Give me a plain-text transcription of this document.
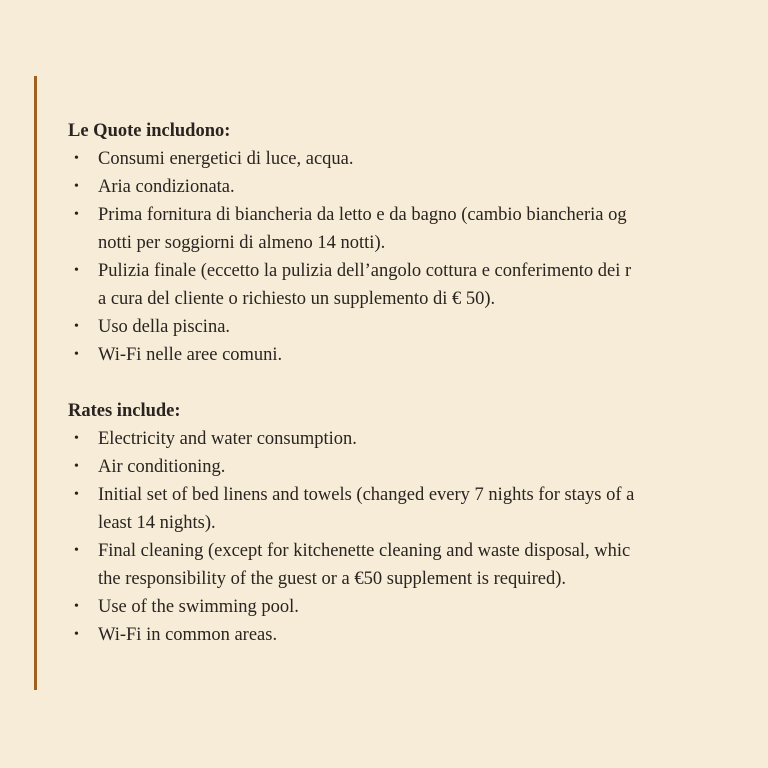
Le Quote includono:

• Consumi energetici di luce, acqua.
• Aria condizionata.
• Prima fornitura di biancheria da letto e da bagno (cambio biancheria og
notti per soggiorni di almeno 14 notti).
• Pulizia finale (eccetto la pulizia dell’angolo cottura e conferimento dei r
a cura del cliente o richiesto un supplemento di € 50).
• Uso della piscina.
• Wi-Fi nelle aree comuni.

Rates include:

• Electricity and water consumption.
• Air conditioning.
• Initial set of bed linens and towels (changed every 7 nights for stays of a
least 14 nights).
• Final cleaning (except for kitchenette cleaning and waste disposal, whic
the responsibility of the guest or a €50 supplement is required).
• Use of the swimming pool.
• Wi-Fi in common areas.
